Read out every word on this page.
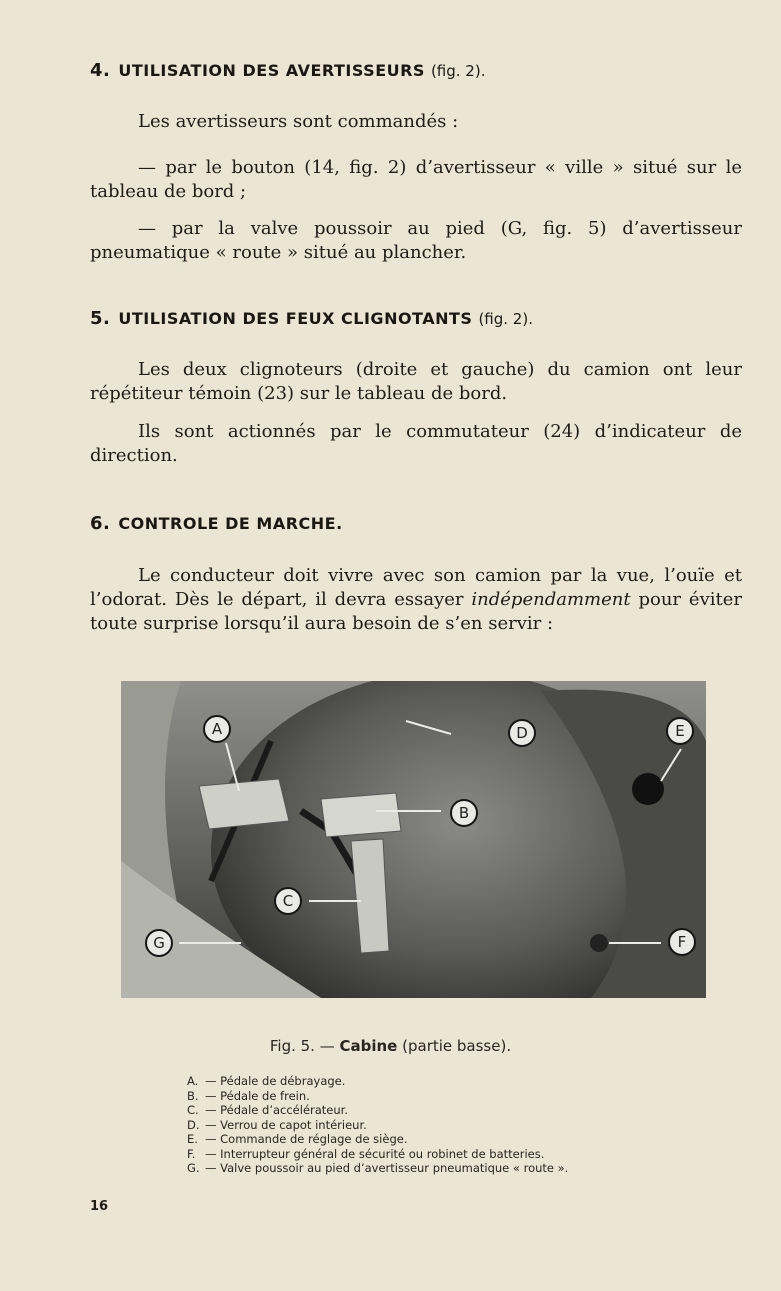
4. UTILISATION DES AVERTISSEURS (fig. 2).
Les avertisseurs sont commandés :
— par le bouton (14, fig. 2) d’avertisseur « ville » situé sur le tableau de bord ;
— par la valve poussoir au pied (G, fig. 5) d’avertisseur pneumatique « route » situé au plancher.
5. UTILISATION DES FEUX CLIGNOTANTS (fig. 2).
Les deux clignoteurs (droite et gauche) du camion ont leur répétiteur témoin (23) sur le tableau de bord.
Ils sont actionnés par le commutateur (24) d’indicateur de direction.
6. CONTROLE DE MARCHE.
Le conducteur doit vivre avec son camion par la vue, l’ouïe et l’odorat. Dès le départ, il devra essayer indépendamment pour éviter toute surprise lorsqu’il aura besoin de s’en servir :
A
B
C
D	E
F
G
Fig. 5. — Cabine (partie basse).
A. — Pédale de débrayage.
B. — Pédale de frein.
C. — Pédale d’accélérateur.
D. — Verrou de capot intérieur.
E. — Commande de réglage de siège.
F. — Interrupteur général de sécurité ou robinet de batteries.
G. — Valve poussoir au pied d’avertisseur pneumatique « route ».
16
